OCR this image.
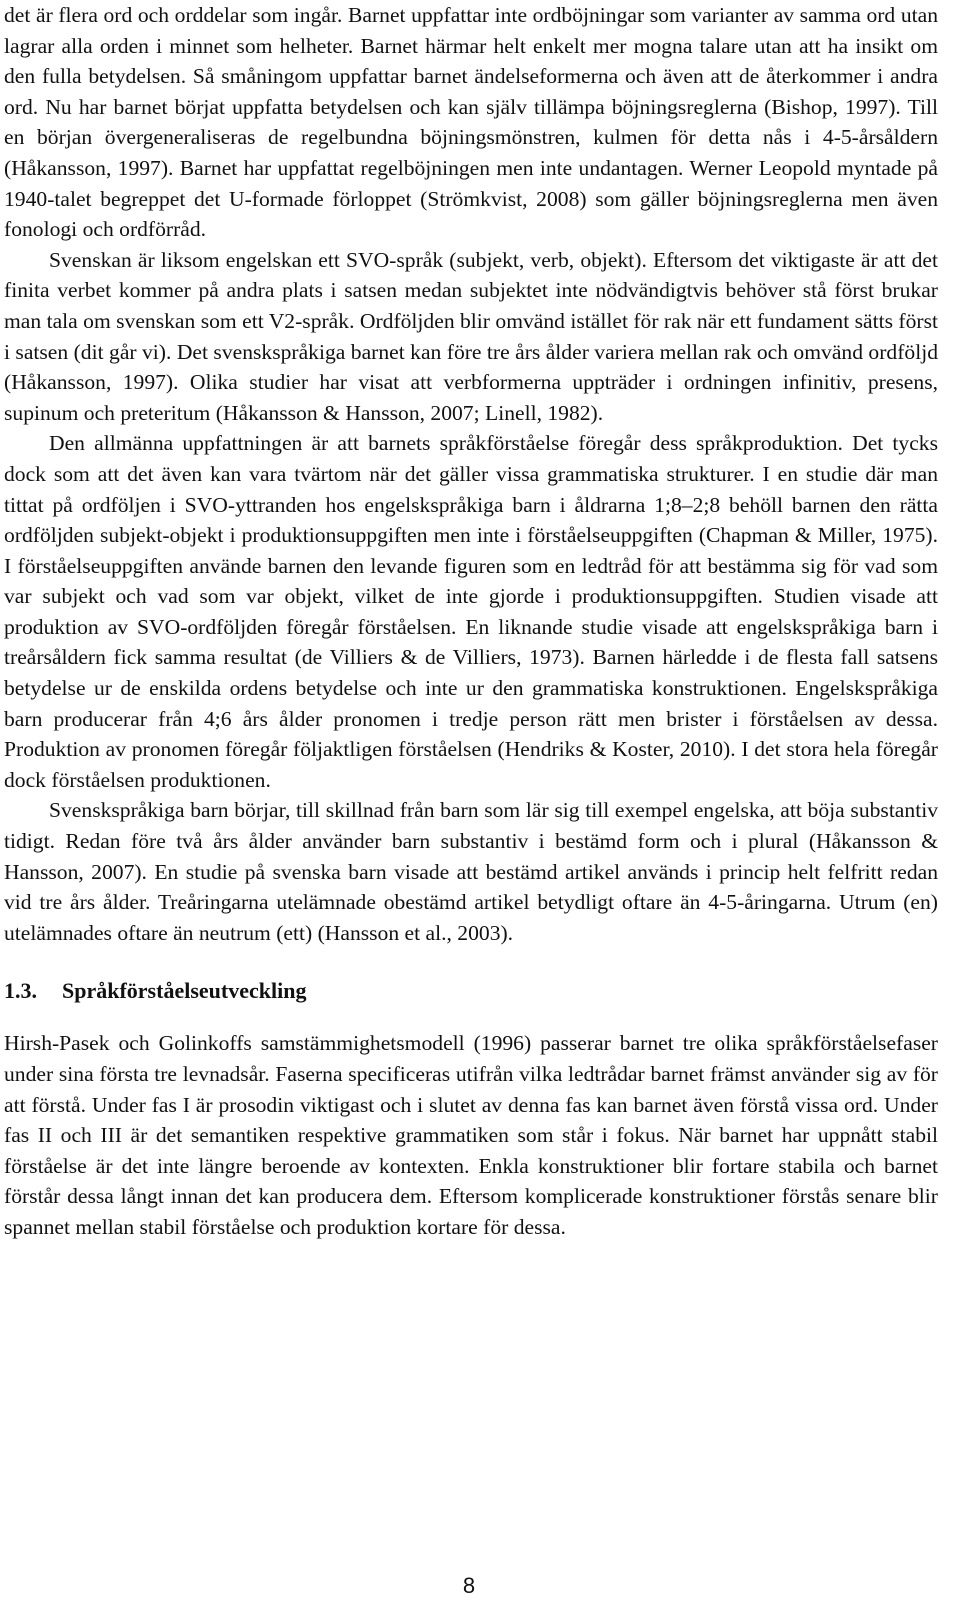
det är flera ord och orddelar som ingår. Barnet uppfattar inte ordböjningar som varianter av samma ord utan lagrar alla orden i minnet som helheter. Barnet härmar helt enkelt mer mogna talare utan att ha insikt om den fulla betydelsen. Så småningom uppfattar barnet ändelseformerna och även att de återkommer i andra ord. Nu har barnet börjat uppfatta betydelsen och kan själv tillämpa böjningsreglerna (Bishop, 1997). Till en början övergeneraliseras de regelbundna böjningsmönstren, kulmen för detta nås i 4-5-årsåldern (Håkansson, 1997). Barnet har uppfattat regelböjningen men inte undantagen. Werner Leopold myntade på 1940-talet begreppet det U-formade förloppet (Strömkvist, 2008) som gäller böjningsreglerna men även fonologi och ordförråd.

Svenskan är liksom engelskan ett SVO-språk (subjekt, verb, objekt). Eftersom det viktigaste är att det finita verbet kommer på andra plats i satsen medan subjektet inte nödvändigtvis behöver stå först brukar man tala om svenskan som ett V2-språk. Ordföljden blir omvänd istället för rak när ett fundament sätts först i satsen (dit går vi). Det svenskspråkiga barnet kan före tre års ålder variera mellan rak och omvänd ordföljd (Håkansson, 1997). Olika studier har visat att verbformerna uppträder i ordningen infinitiv, presens, supinum och preteritum (Håkansson & Hansson, 2007; Linell, 1982).

Den allmänna uppfattningen är att barnets språkförståelse föregår dess språkproduktion. Det tycks dock som att det även kan vara tvärtom när det gäller vissa grammatiska strukturer. I en studie där man tittat på ordföljen i SVO-yttranden hos engelskspråkiga barn i åldrarna 1;8–2;8 behöll barnen den rätta ordföljden subjekt-objekt i produktionsuppgiften men inte i förståelseuppgiften (Chapman & Miller, 1975). I förståelseuppgiften använde barnen den levande figuren som en ledtråd för att bestämma sig för vad som var subjekt och vad som var objekt, vilket de inte gjorde i produktionsuppgiften. Studien visade att produktion av SVO-ordföljden föregår förståelsen. En liknande studie visade att engelskspråkiga barn i treårsåldern fick samma resultat (de Villiers & de Villiers, 1973). Barnen härledde i de flesta fall satsens betydelse ur de enskilda ordens betydelse och inte ur den grammatiska konstruktionen. Engelskspråkiga barn producerar från 4;6 års ålder pronomen i tredje person rätt men brister i förståelsen av dessa. Produktion av pronomen föregår följaktligen förståelsen (Hendriks & Koster, 2010). I det stora hela föregår dock förståelsen produktionen.

Svenskspråkiga barn börjar, till skillnad från barn som lär sig till exempel engelska, att böja substantiv tidigt. Redan före två års ålder använder barn substantiv i bestämd form och i plural (Håkansson & Hansson, 2007). En studie på svenska barn visade att bestämd artikel används i princip helt felfritt redan vid tre års ålder. Treåringarna utelämnade obestämd artikel betydligt oftare än 4-5-åringarna. Utrum (en) utelämnades oftare än neutrum (ett) (Hansson et al., 2003).

1.3. Språkförståelseutveckling

Hirsh-Pasek och Golinkoffs samstämmighetsmodell (1996) passerar barnet tre olika språkförståelsefaser under sina första tre levnadsår. Faserna specificeras utifrån vilka ledtrådar barnet främst använder sig av för att förstå. Under fas I är prosodin viktigast och i slutet av denna fas kan barnet även förstå vissa ord. Under fas II och III är det semantiken respektive grammatiken som står i fokus. När barnet har uppnått stabil förståelse är det inte längre beroende av kontexten. Enkla konstruktioner blir fortare stabila och barnet förstår dessa långt innan det kan producera dem. Eftersom komplicerade konstruktioner förstås senare blir spannet mellan stabil förståelse och produktion kortare för dessa.

8
